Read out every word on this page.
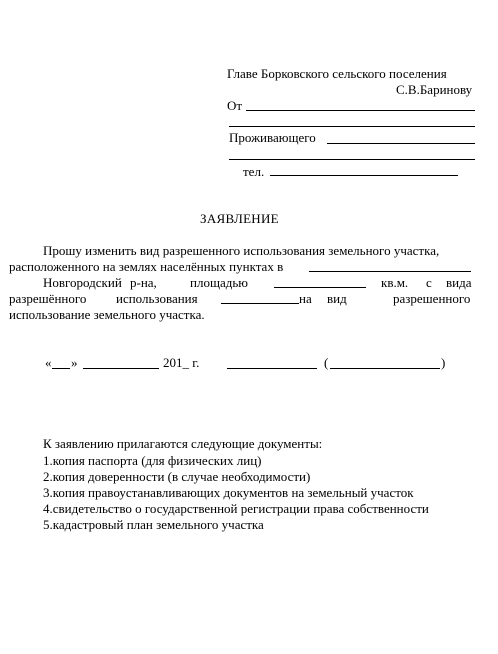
Главе Борковского сельского поселения
С.В.Баринову
От
Проживающего
тел.
ЗАЯВЛЕНИЕ
Прошу изменить вид разрешенного использования земельного участка,
расположенного на землях населённых пунктах в
Новгородский р-на,	площадью	кв.м. с вида
разрешённого использования	на вид	разрешенного
использование земельного участка.
« »	201_ г.	(	)
К заявлению прилагаются следующие документы:
1.копия паспорта (для физических лиц)
2.копия доверенности (в случае необходимости)
3.копия правоустанавливающих документов на земельный участок
4.свидетельство о государственной регистрации права собственности
5.кадастровый план земельного участка
